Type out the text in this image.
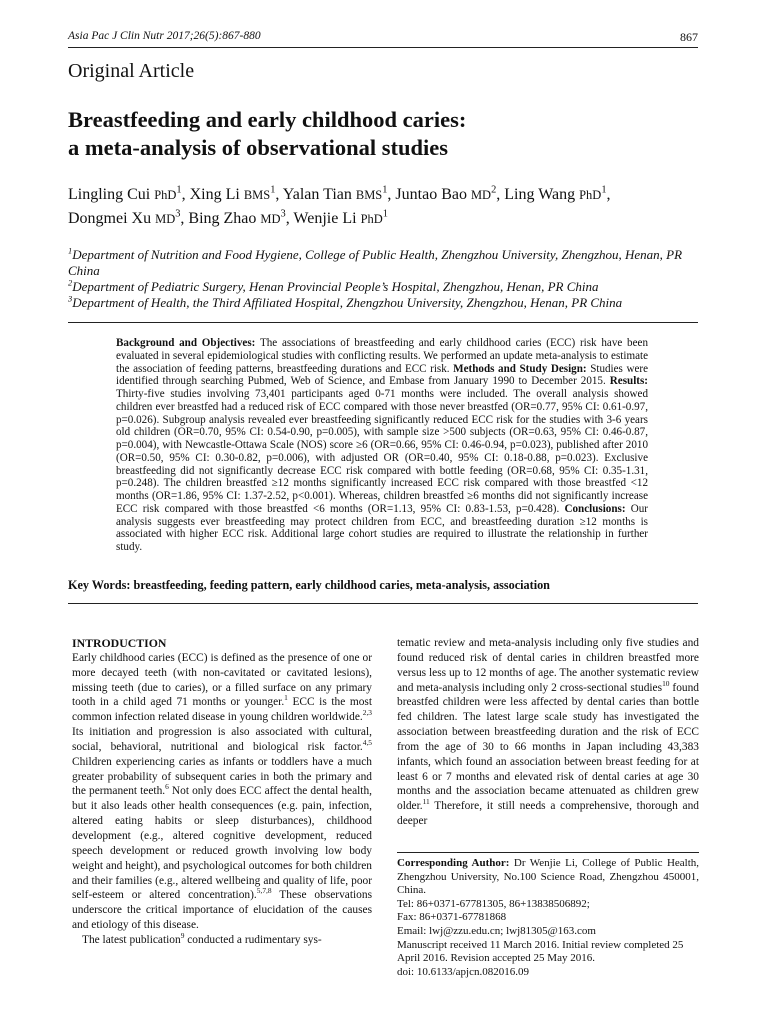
Asia Pac J Clin Nutr 2017;26(5):867-880	867
Original Article
Breastfeeding and early childhood caries:
a meta-analysis of observational studies
Lingling Cui PhD$^1$, Xing Li BMS$^1$, Yalan Tian BMS$^1$, Juntao Bao $MD^2$, Ling Wang PhD$^1$,
Dongmei Xu $MD^3$, Bing Zhao $MD^3$, Wenjie Li PhD$^1$
$^1$Department of Nutrition and Food Hygiene, College of Public Health, Zhengzhou University, Zhengzhou, Henan, PR China
$^2$Department of Pediatric Surgery, Henan Provincial People’s Hospital, Zhengzhou, Henan, PR China
$^3$Department of Health, the Third Affiliated Hospital, Zhengzhou University, Zhengzhou, Henan, PR China
Background and Objectives: The associations of breastfeeding and early childhood caries (ECC) risk have been evaluated in several epidemiological studies with conflicting results. We performed an update meta-analysis to estimate the association of feeding patterns, breastfeeding durations and ECC risk. Methods and Study Design: Studies were identified through searching Pubmed, Web of Science, and Embase from January 1990 to December 2015. Results: Thirty-five studies involving 73,401 participants aged 0-71 months were included. The overall analysis showed children ever breastfed had a reduced risk of ECC compared with those never breastfed (OR=0.77, 95% CI: 0.61-0.97, p=0.026). Subgroup analysis revealed ever breastfeeding significantly reduced ECC risk for the studies with 3-6 years old children (OR=0.70, 95% CI: 0.54-0.90, p=0.005), with sample size >500 subjects (OR=0.63, 95% CI: 0.46-0.87, p=0.004), with Newcastle-Ottawa Scale (NOS) score ≥6 (OR=0.66, 95% CI: 0.46-0.94, p=0.023), published after 2010 (OR=0.50, 95% CI: 0.30-0.82, p=0.006), with adjusted OR (OR=0.40, 95% CI: 0.18-0.88, p=0.023). Exclusive breastfeeding did not significantly decrease ECC risk compared with bottle feeding (OR=0.68, 95% CI: 0.35-1.31, p=0.248). The children breastfed ≥12 months significantly increased ECC risk compared with those breastfed <12 months (OR=1.86, 95% CI: 1.37-2.52, p<0.001). Whereas, children breastfed ≥6 months did not significantly increase ECC risk compared with those breastfed <6 months (OR=1.13, 95% CI: 0.83-1.53, p=0.428). Conclusions: Our analysis suggests ever breastfeeding may protect children from ECC, and breastfeeding duration ≥12 months is associated with higher ECC risk. Additional large cohort studies are required to illustrate the relationship in further study.
Key Words: breastfeeding, feeding pattern, early childhood caries, meta-analysis, association
INTRODUCTION
Early childhood caries (ECC) is defined as the presence of one or more decayed teeth (with non-cavitated or cavitated lesions), missing teeth (due to caries), or a filled surface on any primary tooth in a child aged 71 months or younger.$^1$ ECC is the most common infection related disease in young children worldwide.$^{2,3}$ Its initiation and progression is also associated with cultural, social, behavioral, nutritional and biological risk factor.$^{4,5}$ Children experiencing caries as infants or toddlers have a much greater probability of subsequent caries in both the primary and the permanent teeth.$^6$ Not only does ECC affect the dental health, but it also leads other health consequences (e.g. pain, infection, altered eating habits or sleep disturbances), childhood development (e.g., altered cognitive development, reduced speech development or reduced growth involving low body weight and height), and psychological outcomes for both children and their families (e.g., altered wellbeing and quality of life, poor self-esteem or altered concentration).$^{5,7,8}$ These observations underscore the critical importance of elucidation of the causes and etiology of this disease.
The latest publication$^9$ conducted a rudimentary sys-
tematic review and meta-analysis including only five studies and found reduced risk of dental caries in children breastfed more versus less up to 12 months of age. The another systematic review and meta-analysis including only 2 cross-sectional studies$^{10}$ found breastfed children were less affected by dental caries than bottle fed children. The latest large scale study has investigated the association between breastfeeding duration and the risk of ECC from the age of 30 to 66 months in Japan including 43,383 infants, which found an association between breast feeding for at least 6 or 7 months and elevated risk of dental caries at age 30 months and the association became attenuated as children grew older.$^{11}$ Therefore, it still needs a comprehensive, thorough and deeper
Corresponding Author: Dr Wenjie Li, College of Public Health, Zhengzhou University, No.100 Science Road, Zhengzhou 450001, China.
Tel: 86+0371-67781305, 86+13838506892;
Fax: 86+0371-67781868
Email: lwj@zzu.edu.cn; lwj81305@163.com
Manuscript received 11 March 2016. Initial review completed 25 April 2016. Revision accepted 25 May 2016.
doi: 10.6133/apjcn.082016.09
